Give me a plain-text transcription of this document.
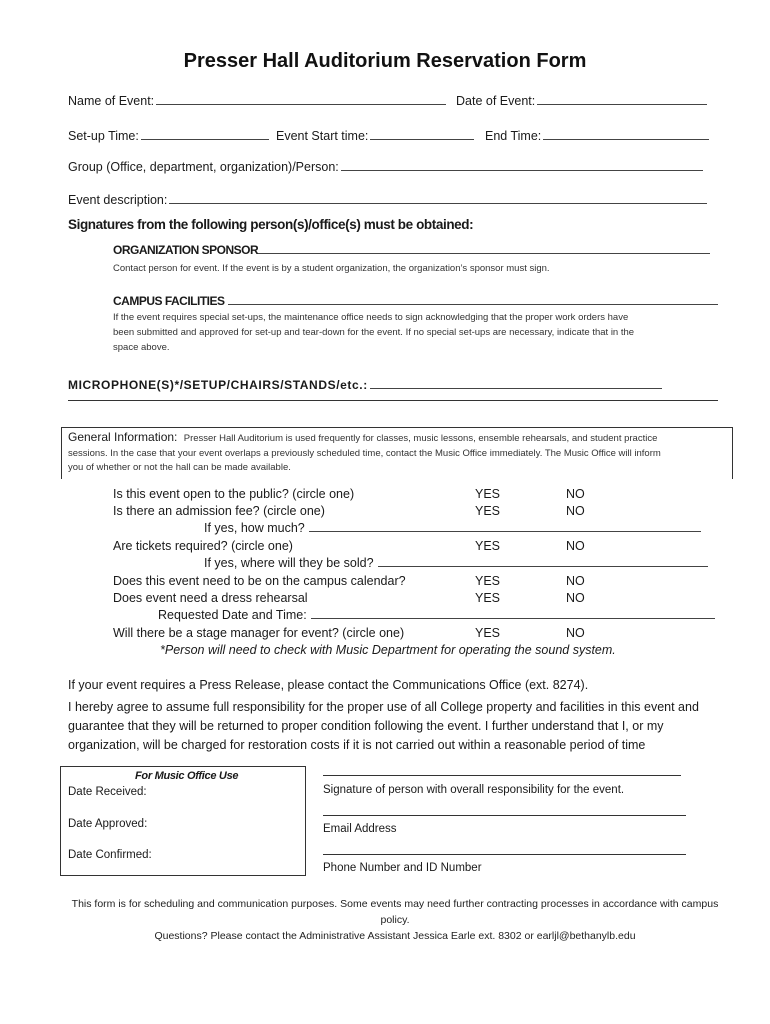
Presser Hall Auditorium Reservation Form
Name of Event:	Date of Event:
Set-up Time:	Event Start time:	End Time:
Group (Office, department, organization)/Person:
Event description:
Signatures from the following person(s)/office(s) must be obtained:
ORGANIZATION SPONSOR
Contact person for event. If the event is by a student organization, the organization’s sponsor must sign.
CAMPUS FACILITIES
If the event requires special set-ups, the maintenance office needs to sign acknowledging that the proper work orders have
been submitted and approved for set-up and tear-down for the event. If no special set-ups are necessary, indicate that in the
space above.
MICROPHONE(S)*/SETUP/CHAIRS/STANDS/etc.:
General Information: Presser Hall Auditorium is used frequently for classes, music lessons, ensemble rehearsals, and student practice
sessions. In the case that your event overlaps a previously scheduled time, contact the Music Office immediately. The Music Office will inform
you of whether or not the hall can be made available.
Is this event open to the public? (circle one)	YES	NO
Is there an admission fee? (circle one)	YES	NO
If yes, how much?
Are tickets required? (circle one)	YES	NO
If yes, where will they be sold?
Does this event need to be on the campus calendar?	YES	NO
Does event need a dress rehearsal	YES	NO
Requested Date and Time:
Will there be a stage manager for event? (circle one)	YES	NO
*Person will need to check with Music Department for operating the sound system.
If your event requires a Press Release, please contact the Communications Office (ext. 8274).
I hereby agree to assume full responsibility for the proper use of all College property and facilities in this event and guarantee that they will be returned to proper condition following the event. I further understand that I, or my organization, will be charged for restoration costs if it is not carried out within a reasonable period of time
For Music Office Use
Date Received:
Date Approved:
Date Confirmed:
Signature of person with overall responsibility for the event.
Email Address
Phone Number and ID Number
This form is for scheduling and communication purposes. Some events may need further contracting processes in accordance with campus policy.
Questions? Please contact the Administrative Assistant Jessica Earle ext. 8302 or earljl@bethanylb.edu
